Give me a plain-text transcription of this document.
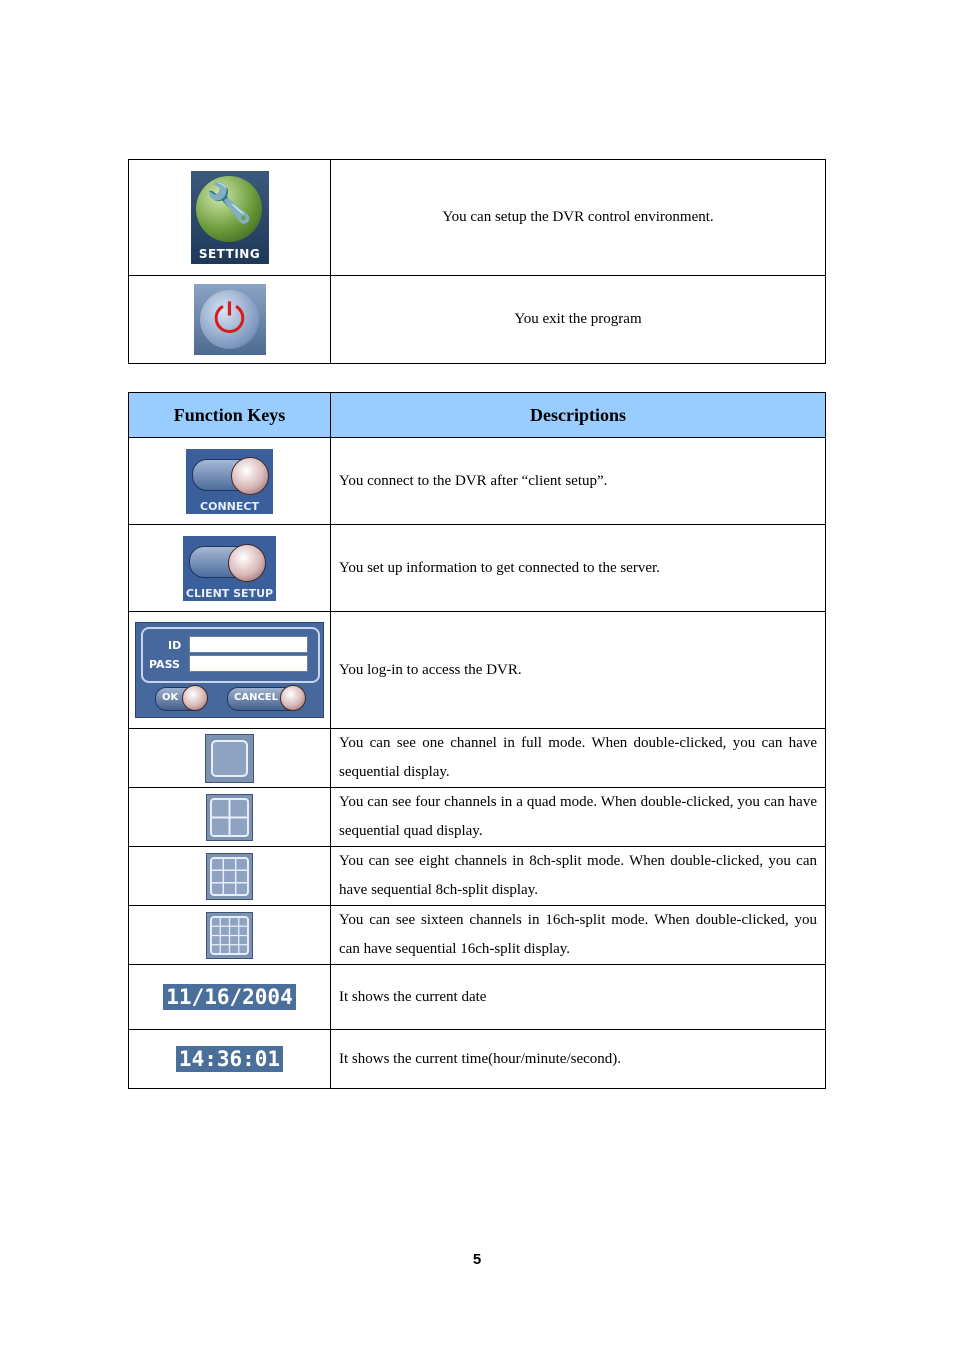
🔧
SETTING	You can setup the DVR control environment.

⏻	You exit the program
Function Keys	Descriptions

CONNECT	You connect to the DVR after “client setup”.

CLIENT SETUP	You set up information to get connected to the server.

ID
PASS
OK CANCEL	You log-in to access the DVR.

	You can see one channel in full mode. When double-clicked, you can have sequential display.

	You can see four channels in a quad mode. When double-clicked, you can have sequential quad display.

	You can see eight channels in 8ch-split mode. When double-clicked, you can have sequential 8ch-split display.

	You can see sixteen channels in 16ch-split mode. When double-clicked, you can have sequential 16ch-split display.
11/16/2004	It shows the current date
14:36:01	It shows the current time(hour/minute/second).
5
